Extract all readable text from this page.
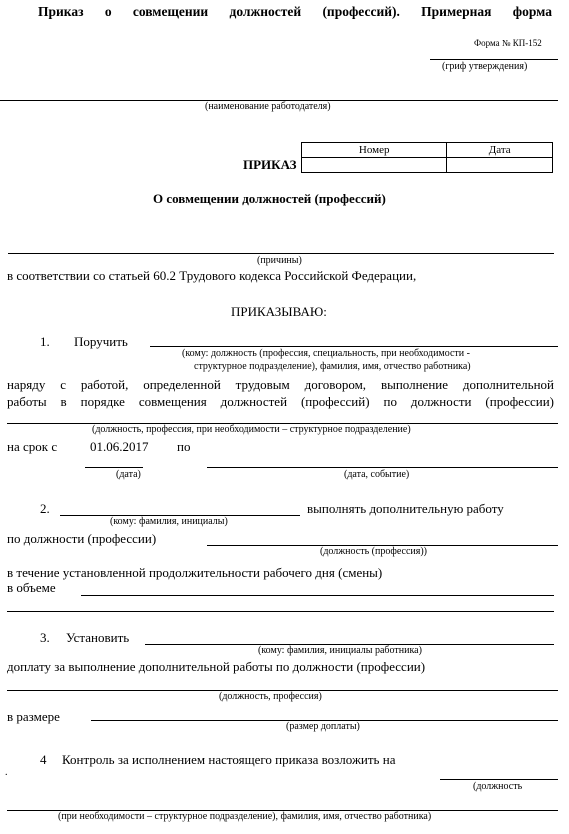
Приказ о совмещении должностей (профессий). Примерная форма
Форма № КП-152
(гриф утверждения)
(наименование работодателя)
ПРИКАЗ
Номер	Дата

О совмещении должностей (профессий)
(причины)
в соответствии со статьей 60.2 Трудового кодекса Российской Федерации,
ПРИКАЗЫВАЮ:
1. Поручить
(кому: должность (профессия, специальность, при необходимости -
структурное подразделение), фамилия, имя, отчество работника)
наряду с работой, определенной трудовым договором, выполнение дополнительной
работы в порядке совмещения должностей (профессий) по должности (профессии)
(должность, профессия, при необходимости – структурное подразделение)
на срок с	01.06.2017 по
(дата)	(дата, событие)
2.	выполнять дополнительную работу
(кому: фамилия, инициалы)
по должности (профессии)
(должность (профессия))
в течение установленной продолжительности рабочего дня (смены)
в объеме
3. Установить
(кому: фамилия, инициалы работника)
доплату за выполнение дополнительной работы по должности (профессии)
(должность, профессия)
в размере
(размер доплаты)
4 Контроль за исполнением настоящего приказа возложить на
.
(должность
(при необходимости – структурное подразделение), фамилия, имя, отчество работника)
